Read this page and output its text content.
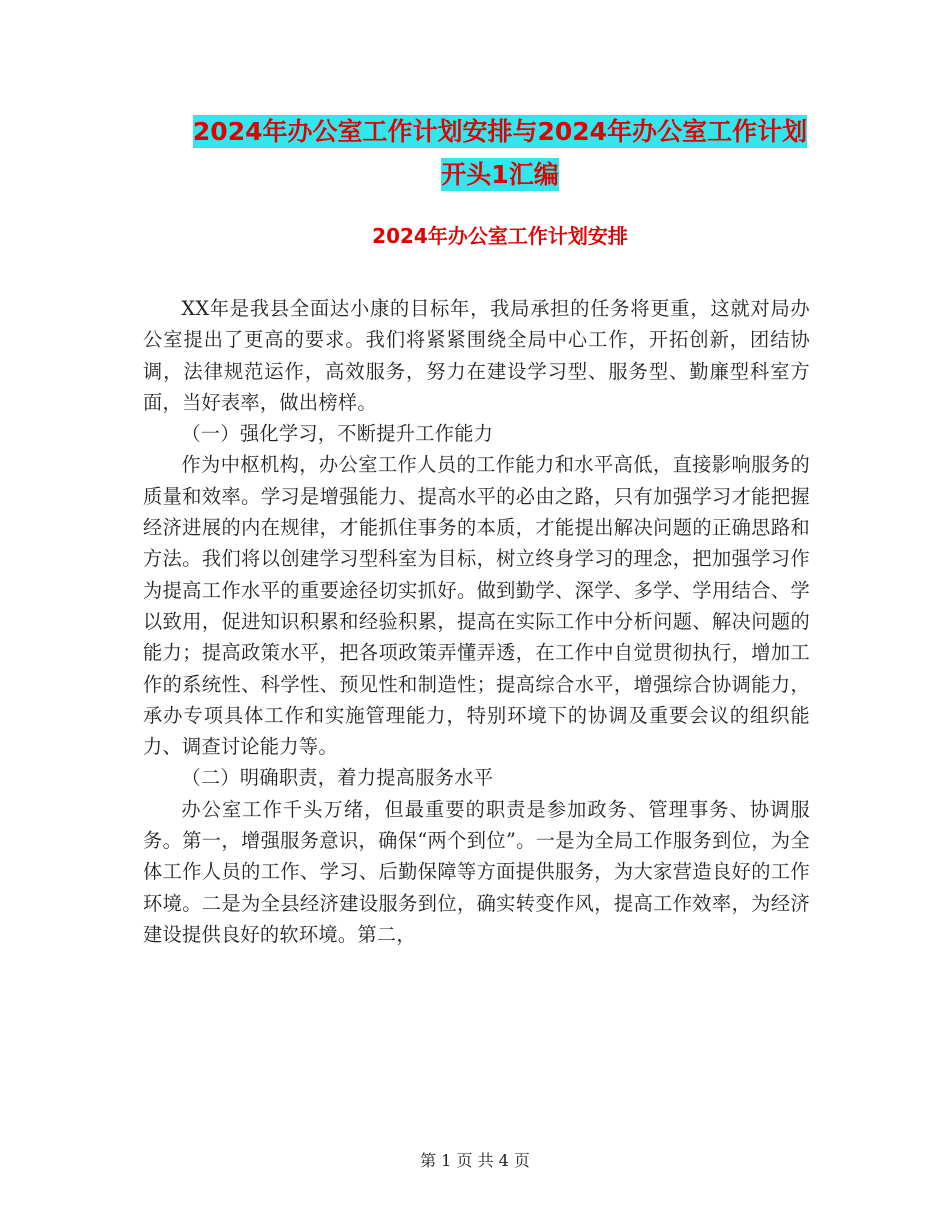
2024年办公室工作计划安排与2024年办公室工作计划
开头1汇编
2024年办公室工作计划安排

XX年是我县全面达小康的目标年，我局承担的任务将更重，这就对局办公室提出了更高的要求。我们将紧紧围绕全局中心工作，开拓创新，团结协调，法律规范运作，高效服务，努力在建设学习型、服务型、勤廉型科室方面，当好表率，做出榜样。

（一）强化学习，不断提升工作能力

作为中枢机构，办公室工作人员的工作能力和水平高低，直接影响服务的质量和效率。学习是增强能力、提高水平的必由之路，只有加强学习才能把握经济进展的内在规律，才能抓住事务的本质，才能提出解决问题的正确思路和方法。我们将以创建学习型科室为目标，树立终身学习的理念，把加强学习作为提高工作水平的重要途径切实抓好。做到勤学、深学、多学、学用结合、学以致用，促进知识积累和经验积累，提高在实际工作中分析问题、解决问题的能力；提高政策水平，把各项政策弄懂弄透，在工作中自觉贯彻执行，增加工作的系统性、科学性、预见性和制造性；提高综合水平，增强综合协调能力，承办专项具体工作和实施管理能力，特别环境下的协调及重要会议的组织能力、调查讨论能力等。

（二）明确职责，着力提高服务水平

办公室工作千头万绪，但最重要的职责是参加政务、管理事务、协调服务。第一，增强服务意识，确保“两个到位”。一是为全局工作服务到位，为全体工作人员的工作、学习、后勤保障等方面提供服务，为大家营造良好的工作环境。二是为全县经济建设服务到位，确实转变作风，提高工作效率，为经济建设提供良好的软环境。第二，

第 1 页 共 4 页
